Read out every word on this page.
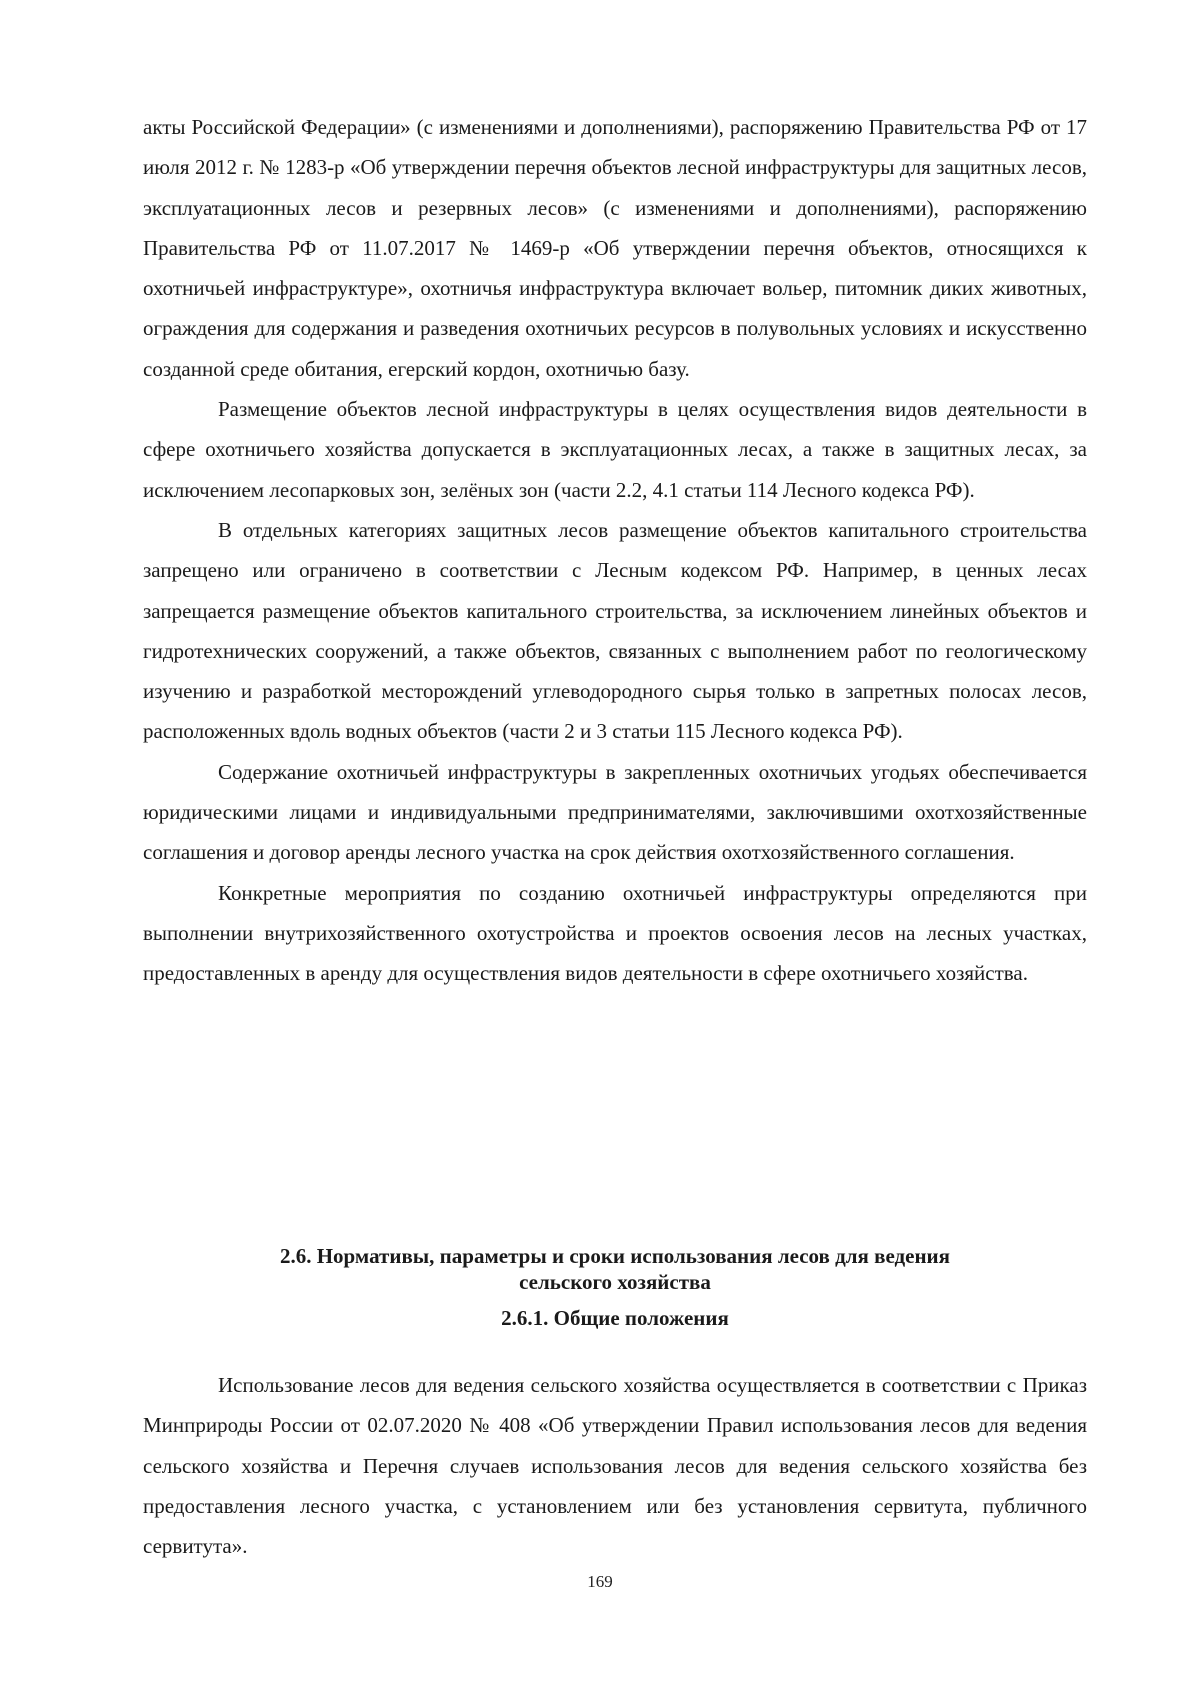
акты Российской Федерации» (с изменениями и дополнениями), распоряжению Правительства РФ от 17 июля 2012 г. № 1283-р «Об утверждении перечня объектов лесной инфраструктуры для защитных лесов, эксплуатационных лесов и резервных лесов» (с изменениями и дополнениями), распоряжению Правительства РФ от 11.07.2017 № 1469-р «Об утверждении перечня объектов, относящихся к охотничьей инфраструктуре», охотничья инфраструктура включает вольер, питомник диких животных, ограждения для содержания и разведения охотничьих ресурсов в полувольных условиях и искусственно созданной среде обитания, егерский кордон, охотничью базу.

Размещение объектов лесной инфраструктуры в целях осуществления видов деятельности в сфере охотничьего хозяйства допускается в эксплуатационных лесах, а также в защитных лесах, за исключением лесопарковых зон, зелёных зон (части 2.2, 4.1 статьи 114 Лесного кодекса РФ).

В отдельных категориях защитных лесов размещение объектов капитального строительства запрещено или ограничено в соответствии с Лесным кодексом РФ. Например, в ценных лесах запрещается размещение объектов капитального строительства, за исключением линейных объектов и гидротехнических сооружений, а также объектов, связанных с выполнением работ по геологическому изучению и разработкой месторождений углеводородного сырья только в запретных полосах лесов, расположенных вдоль водных объектов (части 2 и 3 статьи 115 Лесного кодекса РФ).

Содержание охотничьей инфраструктуры в закрепленных охотничьих угодьях обеспечивается юридическими лицами и индивидуальными предпринимателями, заключившими охотхозяйственные соглашения и договор аренды лесного участка на срок действия охотхозяйственного соглашения.

Конкретные мероприятия по созданию охотничьей инфраструктуры определяются при выполнении внутрихозяйственного охотустройства и проектов освоения лесов на лесных участках, предоставленных в аренду для осуществления видов деятельности в сфере охотничьего хозяйства.

2.6. Нормативы, параметры и сроки использования лесов для ведения
сельского хозяйства
2.6.1. Общие положения

Использование лесов для ведения сельского хозяйства осуществляется в соответствии с Приказ Минприроды России от 02.07.2020 № 408 «Об утверждении Правил использования лесов для ведения сельского хозяйства и Перечня случаев использования лесов для ведения сельского хозяйства без предоставления лесного участка, с установлением или без установления сервитута, публичного сервитута».

169
